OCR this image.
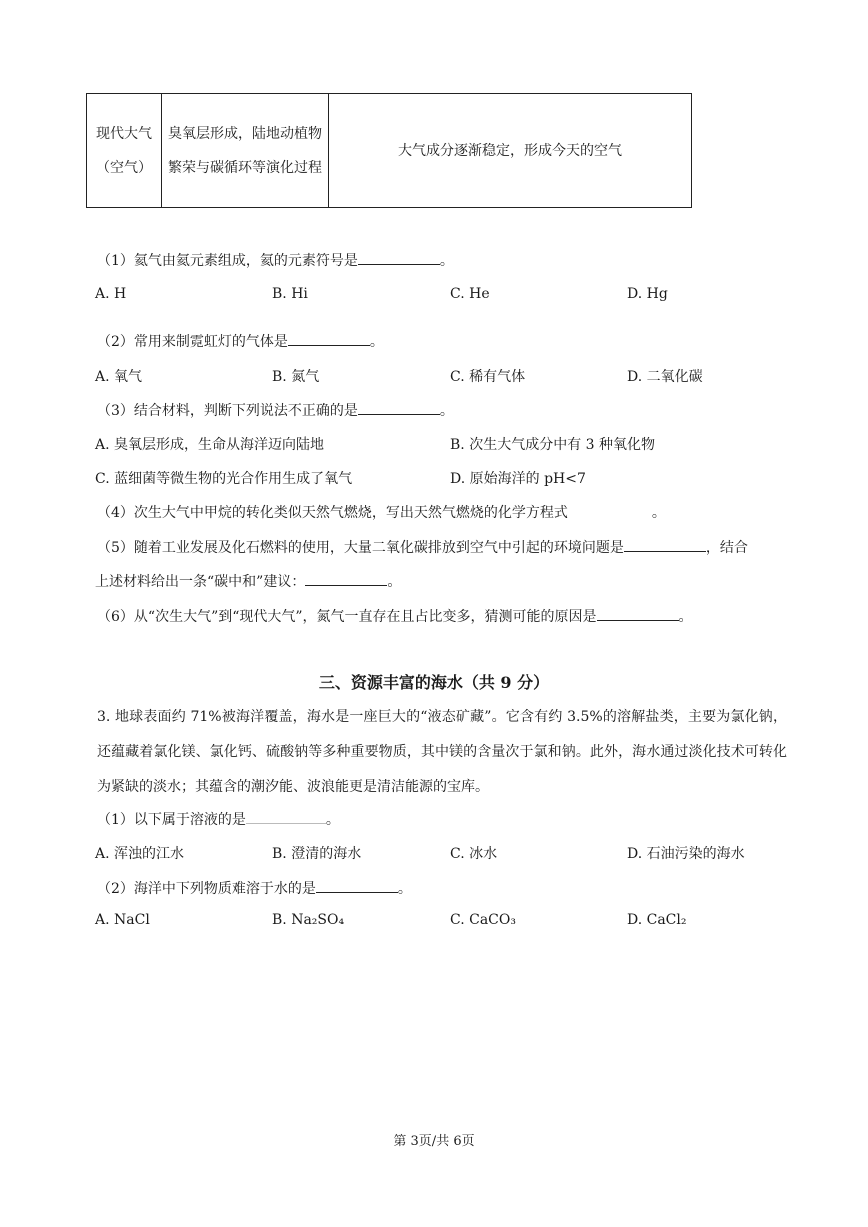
现代大气（空气）	臭氧层形成，陆地动植物繁荣与碳循环等演化过程	大气成分逐渐稳定，形成今天的空气
（1）氦气由氦元素组成，氦的元素符号是	。
A. H	B. Hi	C. He	D. Hg
（2）常用来制霓虹灯的气体是	。
A. 氧气	B. 氮气	C. 稀有气体	D. 二氧化碳
（3）结合材料，判断下列说法不正确的是	。
A. 臭氧层形成，生命从海洋迈向陆地	B. 次生大气成分中有 3 种氧化物
C. 蓝细菌等微生物的光合作用生成了氧气	D. 原始海洋的 pH<7
（4）次生大气中甲烷的转化类似天然气燃烧，写出天然气燃烧的化学方程式	。
（5）随着工业发展及化石燃料的使用，大量二氧化碳排放到空气中引起的环境问题是	，结合
上述材料给出一条“碳中和”建议：	。
（6）从“次生大气”到“现代大气”，氮气一直存在且占比变多，猜测可能的原因是	。
三、资源丰富的海水（共 9 分）
3. 地球表面约 71%被海洋覆盖，海水是一座巨大的“液态矿藏”。它含有约 3.5%的溶解盐类，主要为氯化钠，还蕴藏着氯化镁、氯化钙、硫酸钠等多种重要物质，其中镁的含量次于氯和钠。此外，海水通过淡化技术可转化为紧缺的淡水；其蕴含的潮汐能、波浪能更是清洁能源的宝库。
（1）以下属于溶液的是	。
A. 浑浊的江水	B. 澄清的海水	C. 冰水	D. 石油污染的海水
（2）海洋中下列物质难溶于水的是	。
A. NaCl	B. Na₂SO₄	C. CaCO₃	D. CaCl₂
第 3页/共 6页
